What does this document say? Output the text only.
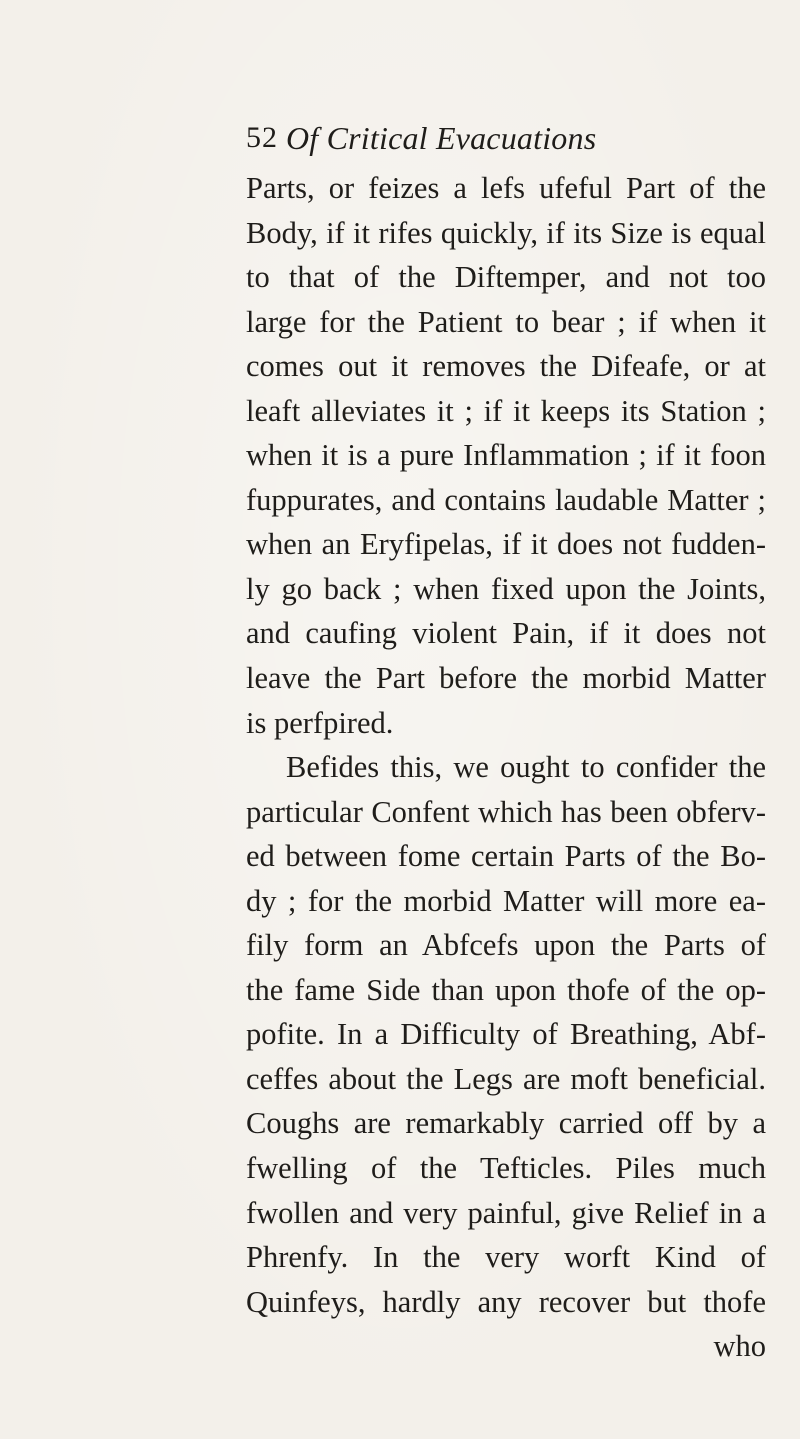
52 Of Critical Evacuations
Parts, or feizes a lefs ufeful Part of the
Body, if it rifes quickly, if its Size is equal
to that of the Diftemper, and not too
large for the Patient to bear ; if when it
comes out it removes the Difeafe, or at
leaft alleviates it ; if it keeps its Station ;
when it is a pure Inflammation ; if it foon
fuppurates, and contains laudable Matter ;
when an Eryfipelas, if it does not fudden-
ly go back ; when fixed upon the Joints,
and caufing violent Pain, if it does not
leave the Part before the morbid Matter
is perfpired.
Befides this, we ought to confider the
particular Confent which has been obferv-
ed between fome certain Parts of the Bo-
dy ; for the morbid Matter will more ea-
fily form an Abfcefs upon the Parts of
the fame Side than upon thofe of the op-
pofite. In a Difficulty of Breathing, Abf-
ceffes about the Legs are moft beneficial.
Coughs are remarkably carried off by a
fwelling of the Tefticles. Piles much
fwollen and very painful, give Relief in a
Phrenfy. In the very worft Kind of
Quinfeys, hardly any recover but thofe
who
